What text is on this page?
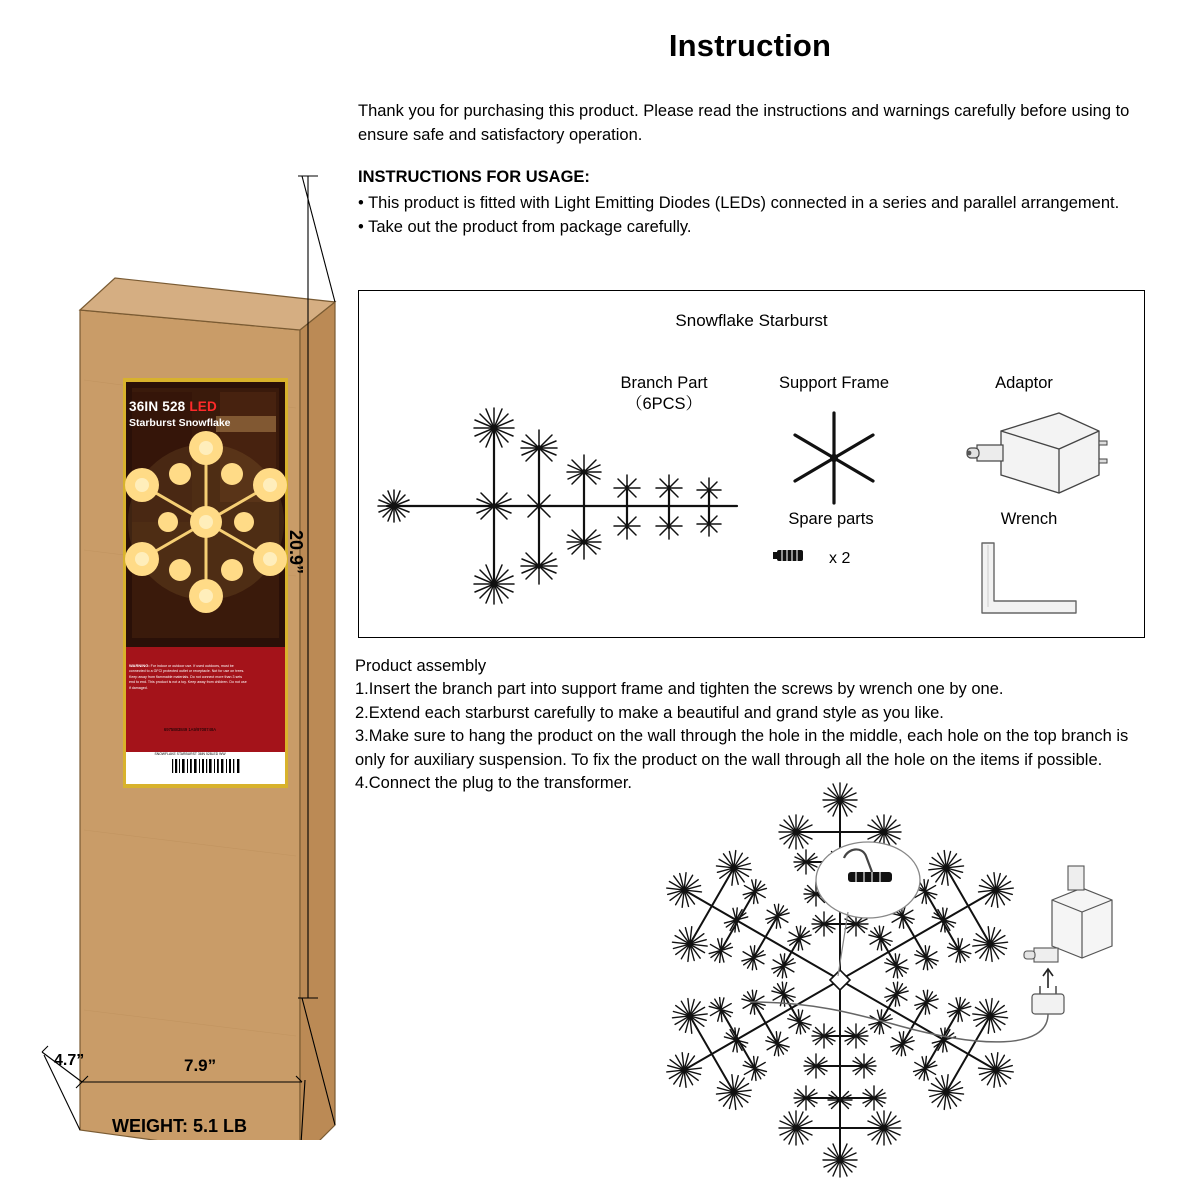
Instruction
Thank you for purchasing this product. Please read the instructions and warnings carefully before using to ensure safe and satisfactory operation.
INSTRUCTIONS FOR USAGE:

• This product is fitted with Light Emitting Diodes (LEDs) connected in a series and parallel arrangement.

• Take out the product from package carefully.

36IN 528 LED
Starburst Snowflake
WARNING: For indoor or outdoor use. If used outdoors, must be connected to a GFCI protected outlet or receptacle. Not for use on trees. Keep away from flammable materials. Do not connect more than 3 sets end to end. This product is not a toy. Keep away from children. Do not use if damaged.
6975883849 1A9/9708748A
SNOWFLAKE STARBURST 36IN 528LED WW
20.9”
4.7”	7.9”
WEIGHT: 5.1 LB
Snowflake Starburst
Branch Part
（6PCS）
Support Frame	Adaptor
Spare parts	Wrench
x 2

Product assembly

1.Insert the branch part into support frame and tighten the screws by wrench one by one.

2.Extend each starburst carefully to make a beautiful and grand style as you like.

3.Make sure to hang the product on the wall through the hole in the middle, each hole on the top branch is only for auxiliary suspension. To fix the product on the wall through all the hole on the items if possible.

4.Connect the plug to the transformer.
